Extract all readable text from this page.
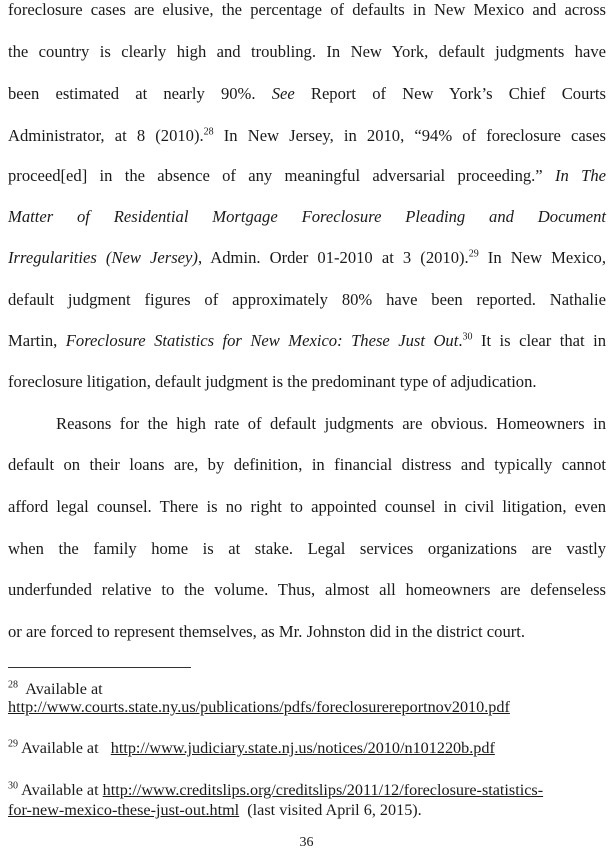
foreclosure cases are elusive, the percentage of defaults in New Mexico and across
the country is clearly high and troubling. In New York, default judgments have
been estimated at nearly 90%. See Report of New York’s Chief Courts
Administrator, at 8 (2010).$^{28}$ In New Jersey, in 2010, “94% of foreclosure cases
proceed[ed] in the absence of any meaningful adversarial proceeding.” In The
Matter of Residential Mortgage Foreclosure Pleading and Document
Irregularities (New Jersey), Admin. Order 01-2010 at 3 (2010).$^{29}$ In New Mexico,
default judgment figures of approximately 80% have been reported. Nathalie
Martin, Foreclosure Statistics for New Mexico: These Just Out.$^{30}$ It is clear that in
foreclosure litigation, default judgment is the predominant type of adjudication.
Reasons for the high rate of default judgments are obvious. Homeowners in
default on their loans are, by definition, in financial distress and typically cannot
afford legal counsel. There is no right to appointed counsel in civil litigation, even
when the family home is at stake. Legal services organizations are vastly
underfunded relative to the volume. Thus, almost all homeowners are defenseless
or are forced to represent themselves, as Mr. Johnston did in the district court.
$^{28}$ Available at
http://www.courts.state.ny.us/publications/pdfs/foreclosurereportnov2010.pdf
$^{29}$ Available at http://www.judiciary.state.nj.us/notices/2010/n101220b.pdf
$^{30}$ Available at http://www.creditslips.org/creditslips/2011/12/foreclosure-statistics-
for-new-mexico-these-just-out.html (last visited April 6, 2015).
36
